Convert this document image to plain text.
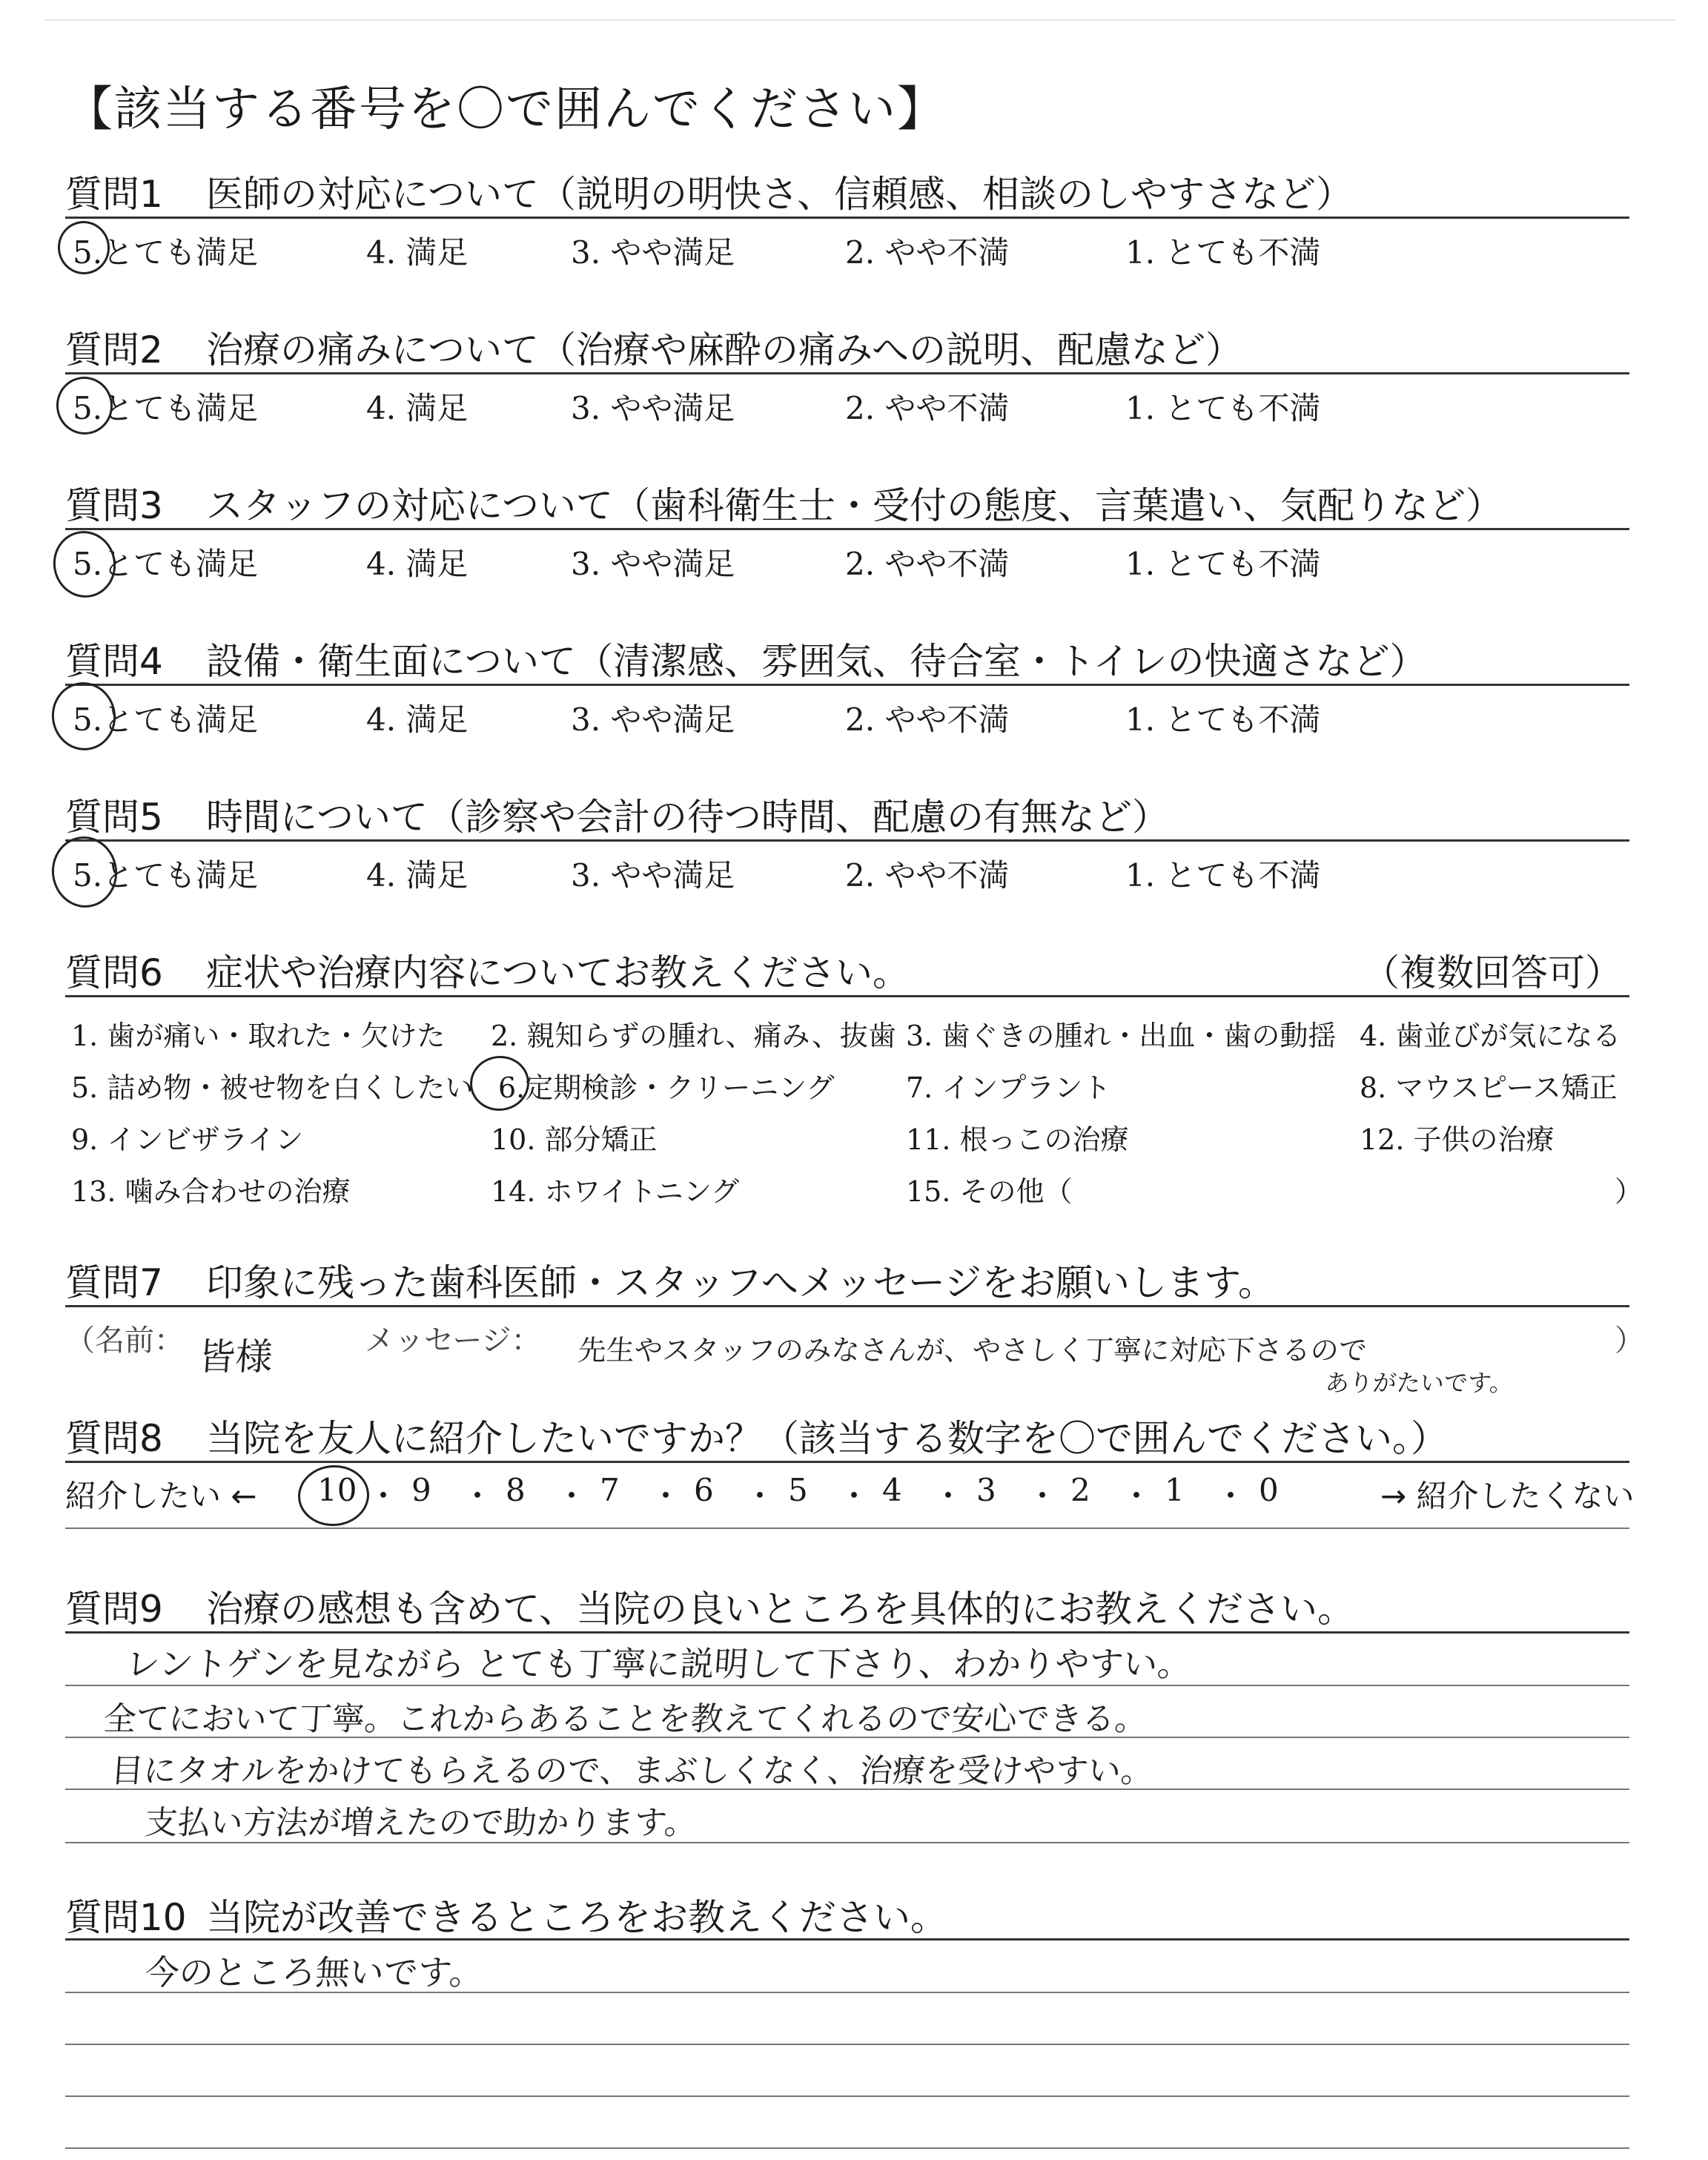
【該当する番号を〇で囲んでください】
質問1 医師の対応について（説明の明快さ、信頼感、相談のしやすさなど）
5.とても満足	4. 満足	3. やや満足	2. やや不満	1. とても不満
質問2 治療の痛みについて（治療や麻酔の痛みへの説明、配慮など）
5.とても満足	4. 満足	3. やや満足	2. やや不満	1. とても不満
質問3 スタッフの対応について（歯科衛生士・受付の態度、言葉遣い、気配りなど）
5.とても満足	4. 満足	3. やや満足	2. やや不満	1. とても不満
質問4 設備・衛生面について（清潔感、雰囲気、待合室・トイレの快適さなど）
5.とても満足	4. 満足	3. やや満足	2. やや不満	1. とても不満
質問5 時間について（診察や会計の待つ時間、配慮の有無など）
5.とても満足	4. 満足	3. やや満足	2. やや不満	1. とても不満
質問6 症状や治療内容についてお教えください。	（複数回答可）
1. 歯が痛い・取れた・欠けた 2. 親知らずの腫れ、痛み、抜歯 3. 歯ぐきの腫れ・出血・歯の動揺 4. 歯並びが気になる
5. 詰め物・被せ物を白くしたい 6.定期検診・クリーニング	7. インプラント	8. マウスピース矯正
9. インビザライン	10. 部分矯正	11. 根っこの治療	12. 子供の治療
13. 噛み合わせの治療	14. ホワイトニング	15. その他（	）
質問7 印象に残った歯科医師・スタッフへメッセージをお願いします。
（名前： 皆様	メッセージ： 先生やスタッフのみなさんが、やさしく丁寧に対応下さるので
ありがたいです。
）
質問8 当院を友人に紹介したいですか？（該当する数字を〇で囲んでください。）
紹介したい ← 10 ・ 9 ・ 8 ・ 7 ・ 6 ・ 5 ・ 4 ・ 3 ・ 2 ・ 1 ・ 0	→ 紹介したくない
質問9 治療の感想も含めて、当院の良いところを具体的にお教えください。
レントゲンを見ながら とても丁寧に説明して下さり、わかりやすい。
全てにおいて丁寧。これからあることを教えてくれるので安心できる。
目にタオルをかけてもらえるので、まぶしくなく、治療を受けやすい。
支払い方法が増えたので助かります。
質問10 当院が改善できるところをお教えください。
今のところ無いです。
